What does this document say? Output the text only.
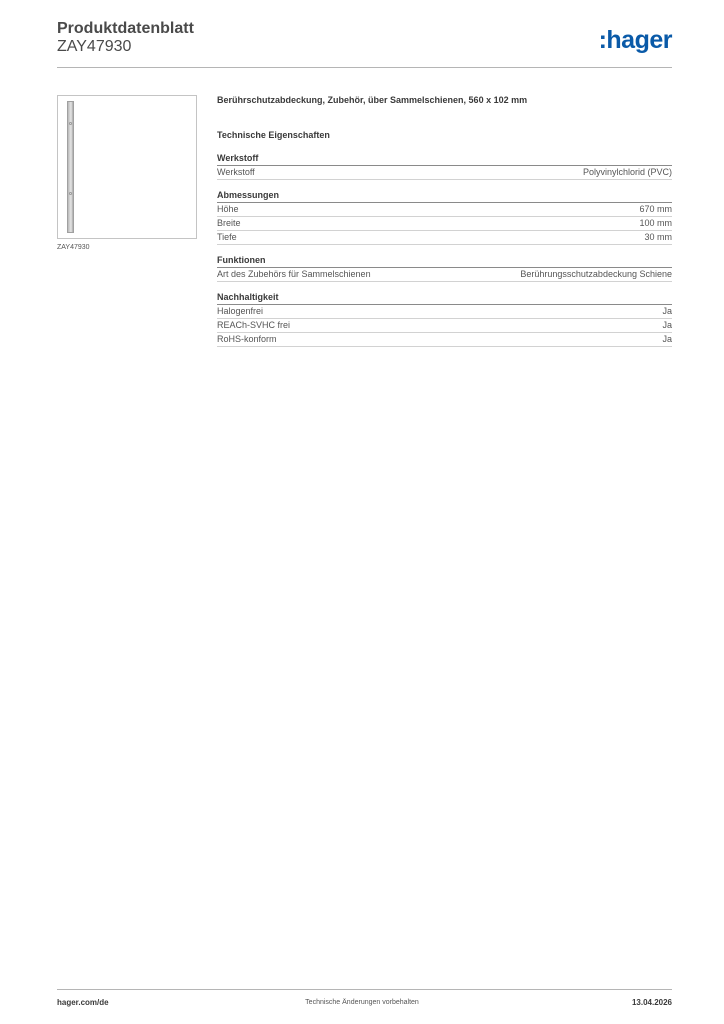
Produktdatenblatt
ZAY47930	:hager
ZAY47930
Berührschutzabdeckung, Zubehör, über Sammelschienen, 560 x 102 mm
Technische Eigenschaften
Werkstoff
Werkstoff	Polyvinylchlorid (PVC)
Abmessungen
Höhe	670 mm
Breite	100 mm
Tiefe	30 mm
Funktionen
Art des Zubehörs für Sammelschienen	Berührungsschutzabdeckung Schiene
Nachhaltigkeit
Halogenfrei	Ja
REACh-SVHC frei	Ja
RoHS-konform	Ja
hager.com/de	Technische Änderungen vorbehalten	13.04.2026
